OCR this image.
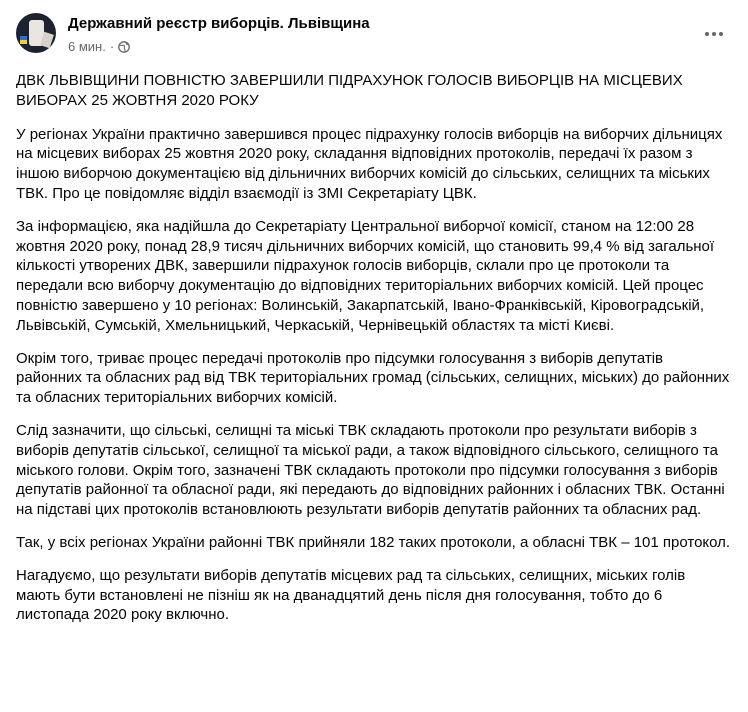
Державний реєстр виборців. Львівщина
6 мин. ·

ДВК ЛЬВІВЩИНИ ПОВНІСТЮ ЗАВЕРШИЛИ ПІДРАХУНОК ГОЛОСІВ ВИБОРЦІВ НА МІСЦЕВИХ ВИБОРАХ 25 ЖОВТНЯ 2020 РОКУ

У регіонах України практично завершився процес підрахунку голосів виборців на виборчих дільницях на місцевих виборах 25 жовтня 2020 року, складання відповідних протоколів, передачі їх разом з іншою виборчою документацією від дільничних виборчих комісій до сільських, селищних та міських ТВК. Про це повідомляє відділ взаємодії із ЗМІ Секретаріату ЦВК.

За інформацією, яка надійшла до Секретаріату Центральної виборчої комісії, станом на 12:00 28 жовтня 2020 року, понад 28,9 тисяч дільничних виборчих комісій, що становить 99,4 % від загальної кількості утворених ДВК, завершили підрахунок голосів виборців, склали про це протоколи та передали всю виборчу документацію до відповідних територіальних виборчих комісій. Цей процес повністю завершено у 10 регіонах: Волинській, Закарпатській, Івано-Франківській, Кіровоградській, Львівській, Сумській, Хмельницький, Черкаській, Чернівецькій областях та місті Києві.

Окрім того, триває процес передачі протоколів про підсумки голосування з виборів депутатів районних та обласних рад від ТВК територіальних громад (сільських, селищних, міських) до районних та обласних територіальних виборчих комісій.

Слід зазначити, що сільські, селищні та міські ТВК складають протоколи про результати виборів з виборів депутатів сільської, селищної та міської ради, а також відповідного сільського, селищного та міського голови. Окрім того, зазначені ТВК складають протоколи про підсумки голосування з виборів депутатів районної та обласної ради, які передають до відповідних районних і обласних ТВК. Останні на підставі цих протоколів встановлюють результати виборів депутатів районних та обласних рад.

Так, у всіх регіонах України районні ТВК прийняли 182 таких протоколи, а обласні ТВК – 101 протокол.

Нагадуємо, що результати виборів депутатів місцевих рад та сільських, селищних, міських голів мають бути встановлені не пізніш як на дванадцятий день після дня голосування, тобто до 6 листопада 2020 року включно.
